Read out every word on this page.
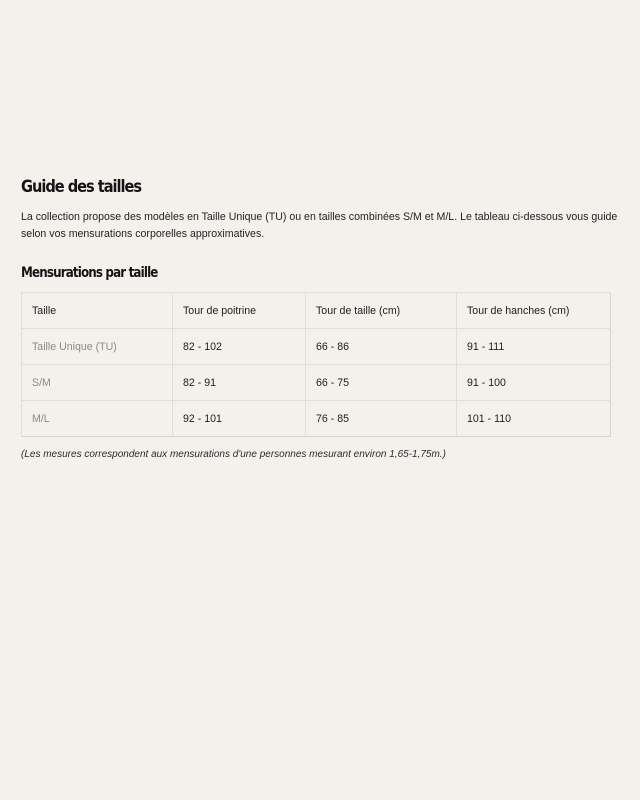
Guide des tailles

La collection propose des modèles en Taille Unique (TU) ou en tailles combinées S/M et M/L. Le tableau ci-dessous vous guide selon vos mensurations corporelles approximatives.

Mensurations par taille
Taille	Tour de poitrine	Tour de taille (cm)	Tour de hanches (cm)
Taille Unique (TU)	82 - 102	66 - 86	91 - 111
S/M	82 - 91	66 - 75	91 - 100
M/L	92 - 101	76 - 85	101 - 110

(Les mesures correspondent aux mensurations d'une personnes mesurant environ 1,65-1,75m.)
